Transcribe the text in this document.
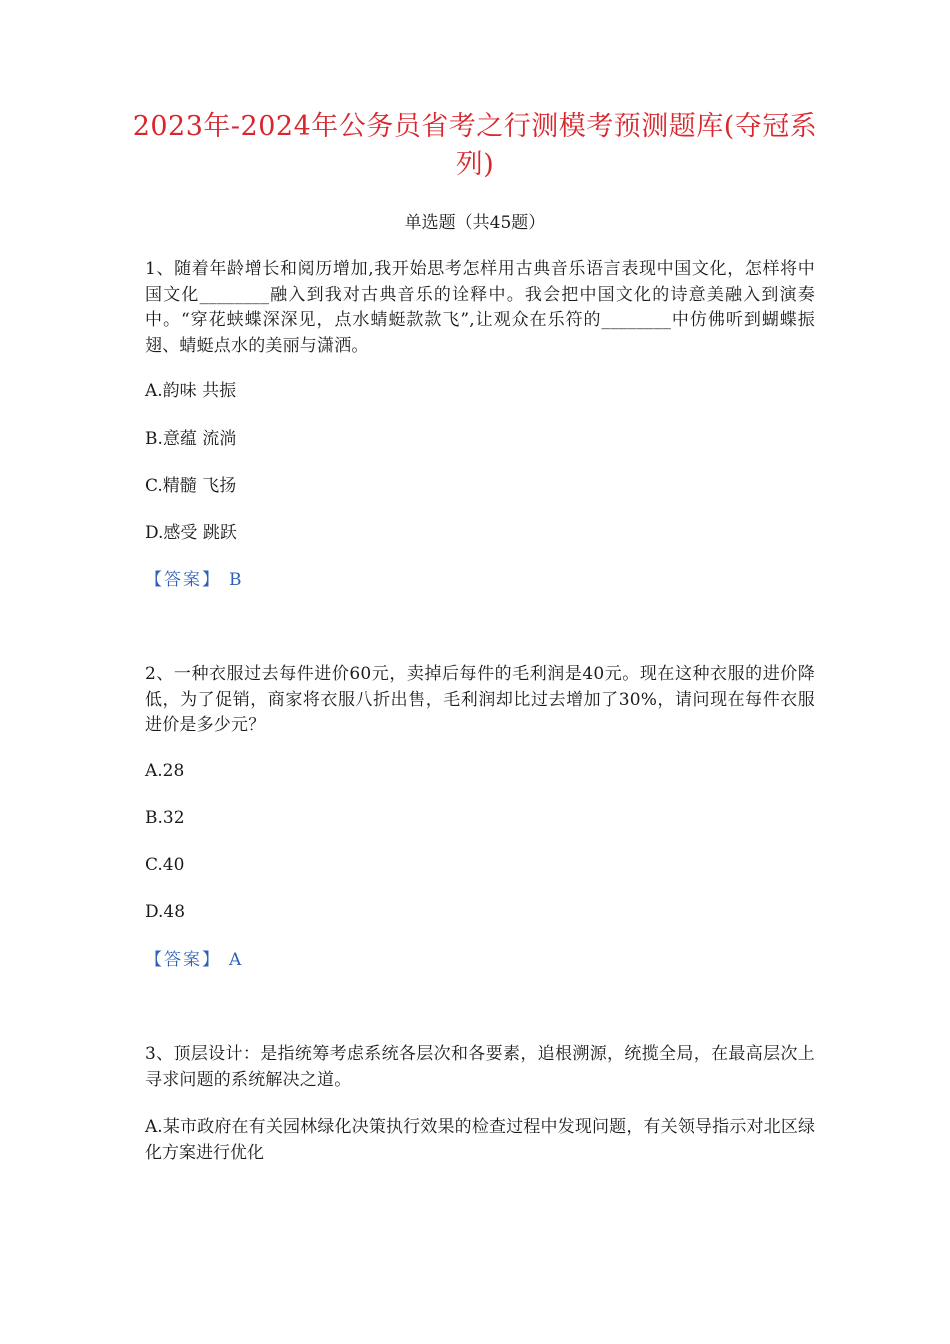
2023年-2024年公务员省考之行测模考预测题库(夺冠系列)
单选题（共45题）
1、随着年龄增长和阅历增加,我开始思考怎样用古典音乐语言表现中国文化，怎样将中国文化________融入到我对古典音乐的诠释中。我会把中国文化的诗意美融入到演奏中。“穿花蛱蝶深深见，点水蜻蜓款款飞”,让观众在乐符的________中仿佛听到蝴蝶振翅、蜻蜓点水的美丽与潇洒。
A.韵味 共振
B.意蕴 流淌
C.精髓 飞扬
D.感受 跳跃
【答案】 B
2、一种衣服过去每件进价60元，卖掉后每件的毛利润是40元。现在这种衣服的进价降低，为了促销，商家将衣服八折出售，毛利润却比过去增加了30%，请问现在每件衣服进价是多少元？
A.28
B.32
C.40
D.48
【答案】 A
3、顶层设计：是指统筹考虑系统各层次和各要素，追根溯源，统揽全局，在最高层次上寻求问题的系统解决之道。
A.某市政府在有关园林绿化决策执行效果的检查过程中发现问题，有关领导指示对北区绿化方案进行优化
